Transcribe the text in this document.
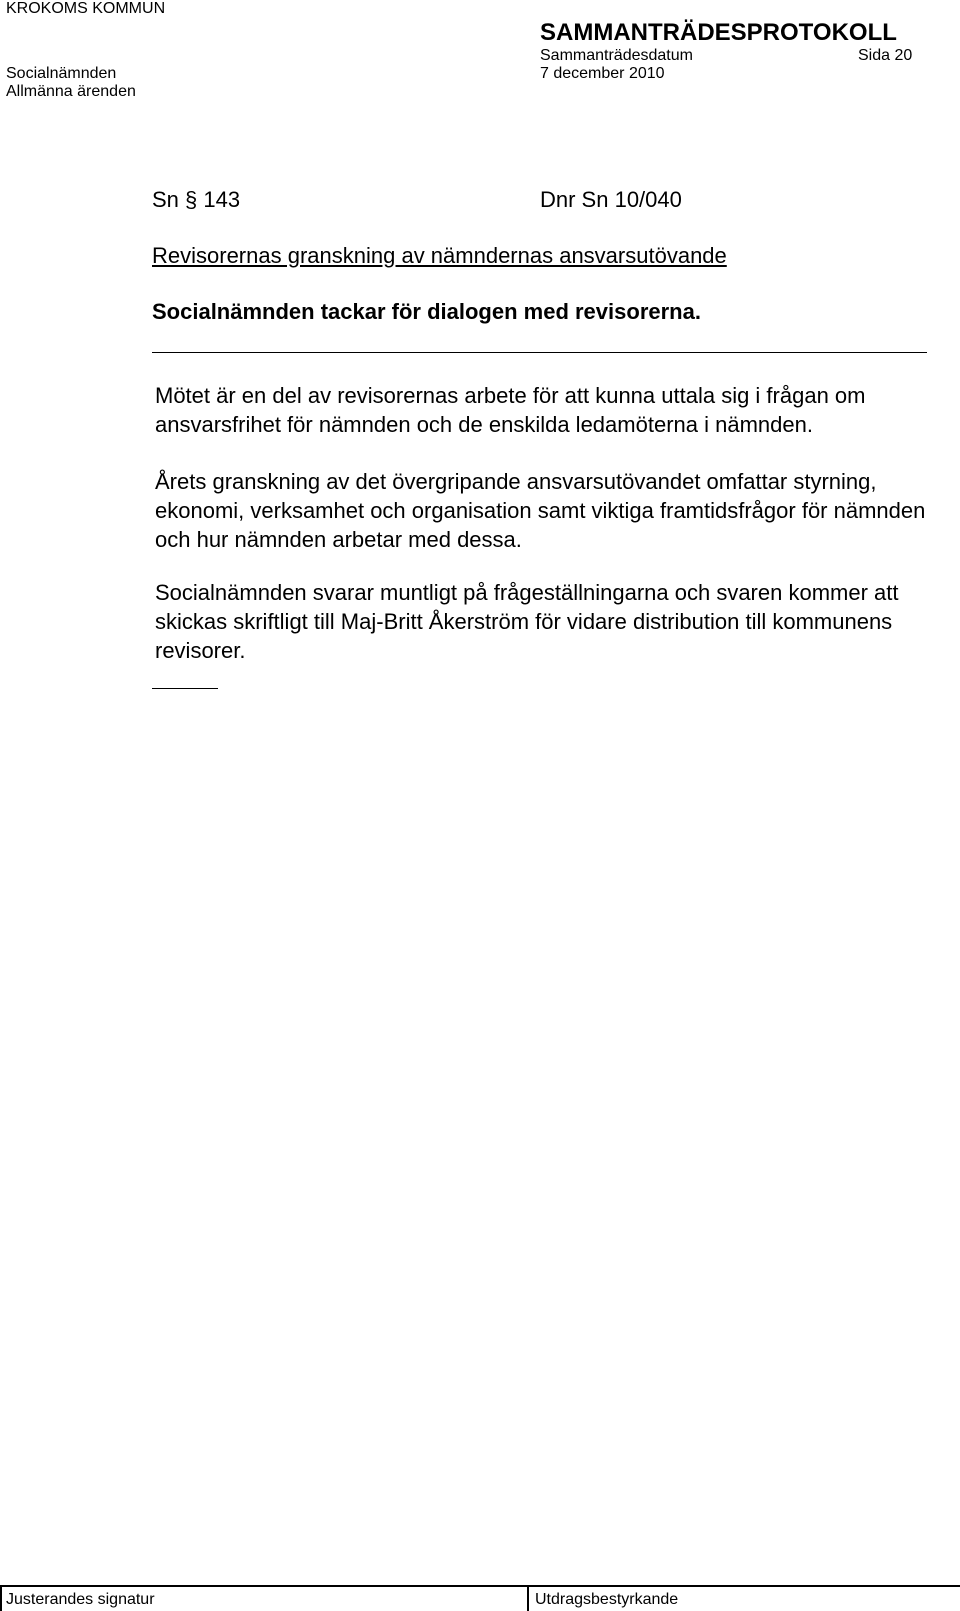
KROKOMS KOMMUN
SAMMANTRÄDESPROTOKOLL
Sammanträdesdatum	Sida 20
Socialnämnden	7 december 2010
Allmänna ärenden
Sn § 143	Dnr Sn 10/040
Revisorernas granskning av nämndernas ansvarsutövande
Socialnämnden tackar för dialogen med revisorerna.
Mötet är en del av revisorernas arbete för att kunna uttala sig i frågan om ansvarsfrihet för nämnden och de enskilda ledamöterna i nämnden.
Årets granskning av det övergripande ansvarsutövandet omfattar styrning, ekonomi, verksamhet och organisation samt viktiga framtidsfrågor för nämnden och hur nämnden arbetar med dessa.
Socialnämnden svarar muntligt på frågeställningarna och svaren kommer att skickas skriftligt till Maj-Britt Åkerström för vidare distribution till kommunens revisorer.
Justerandes signatur	Utdragsbestyrkande
